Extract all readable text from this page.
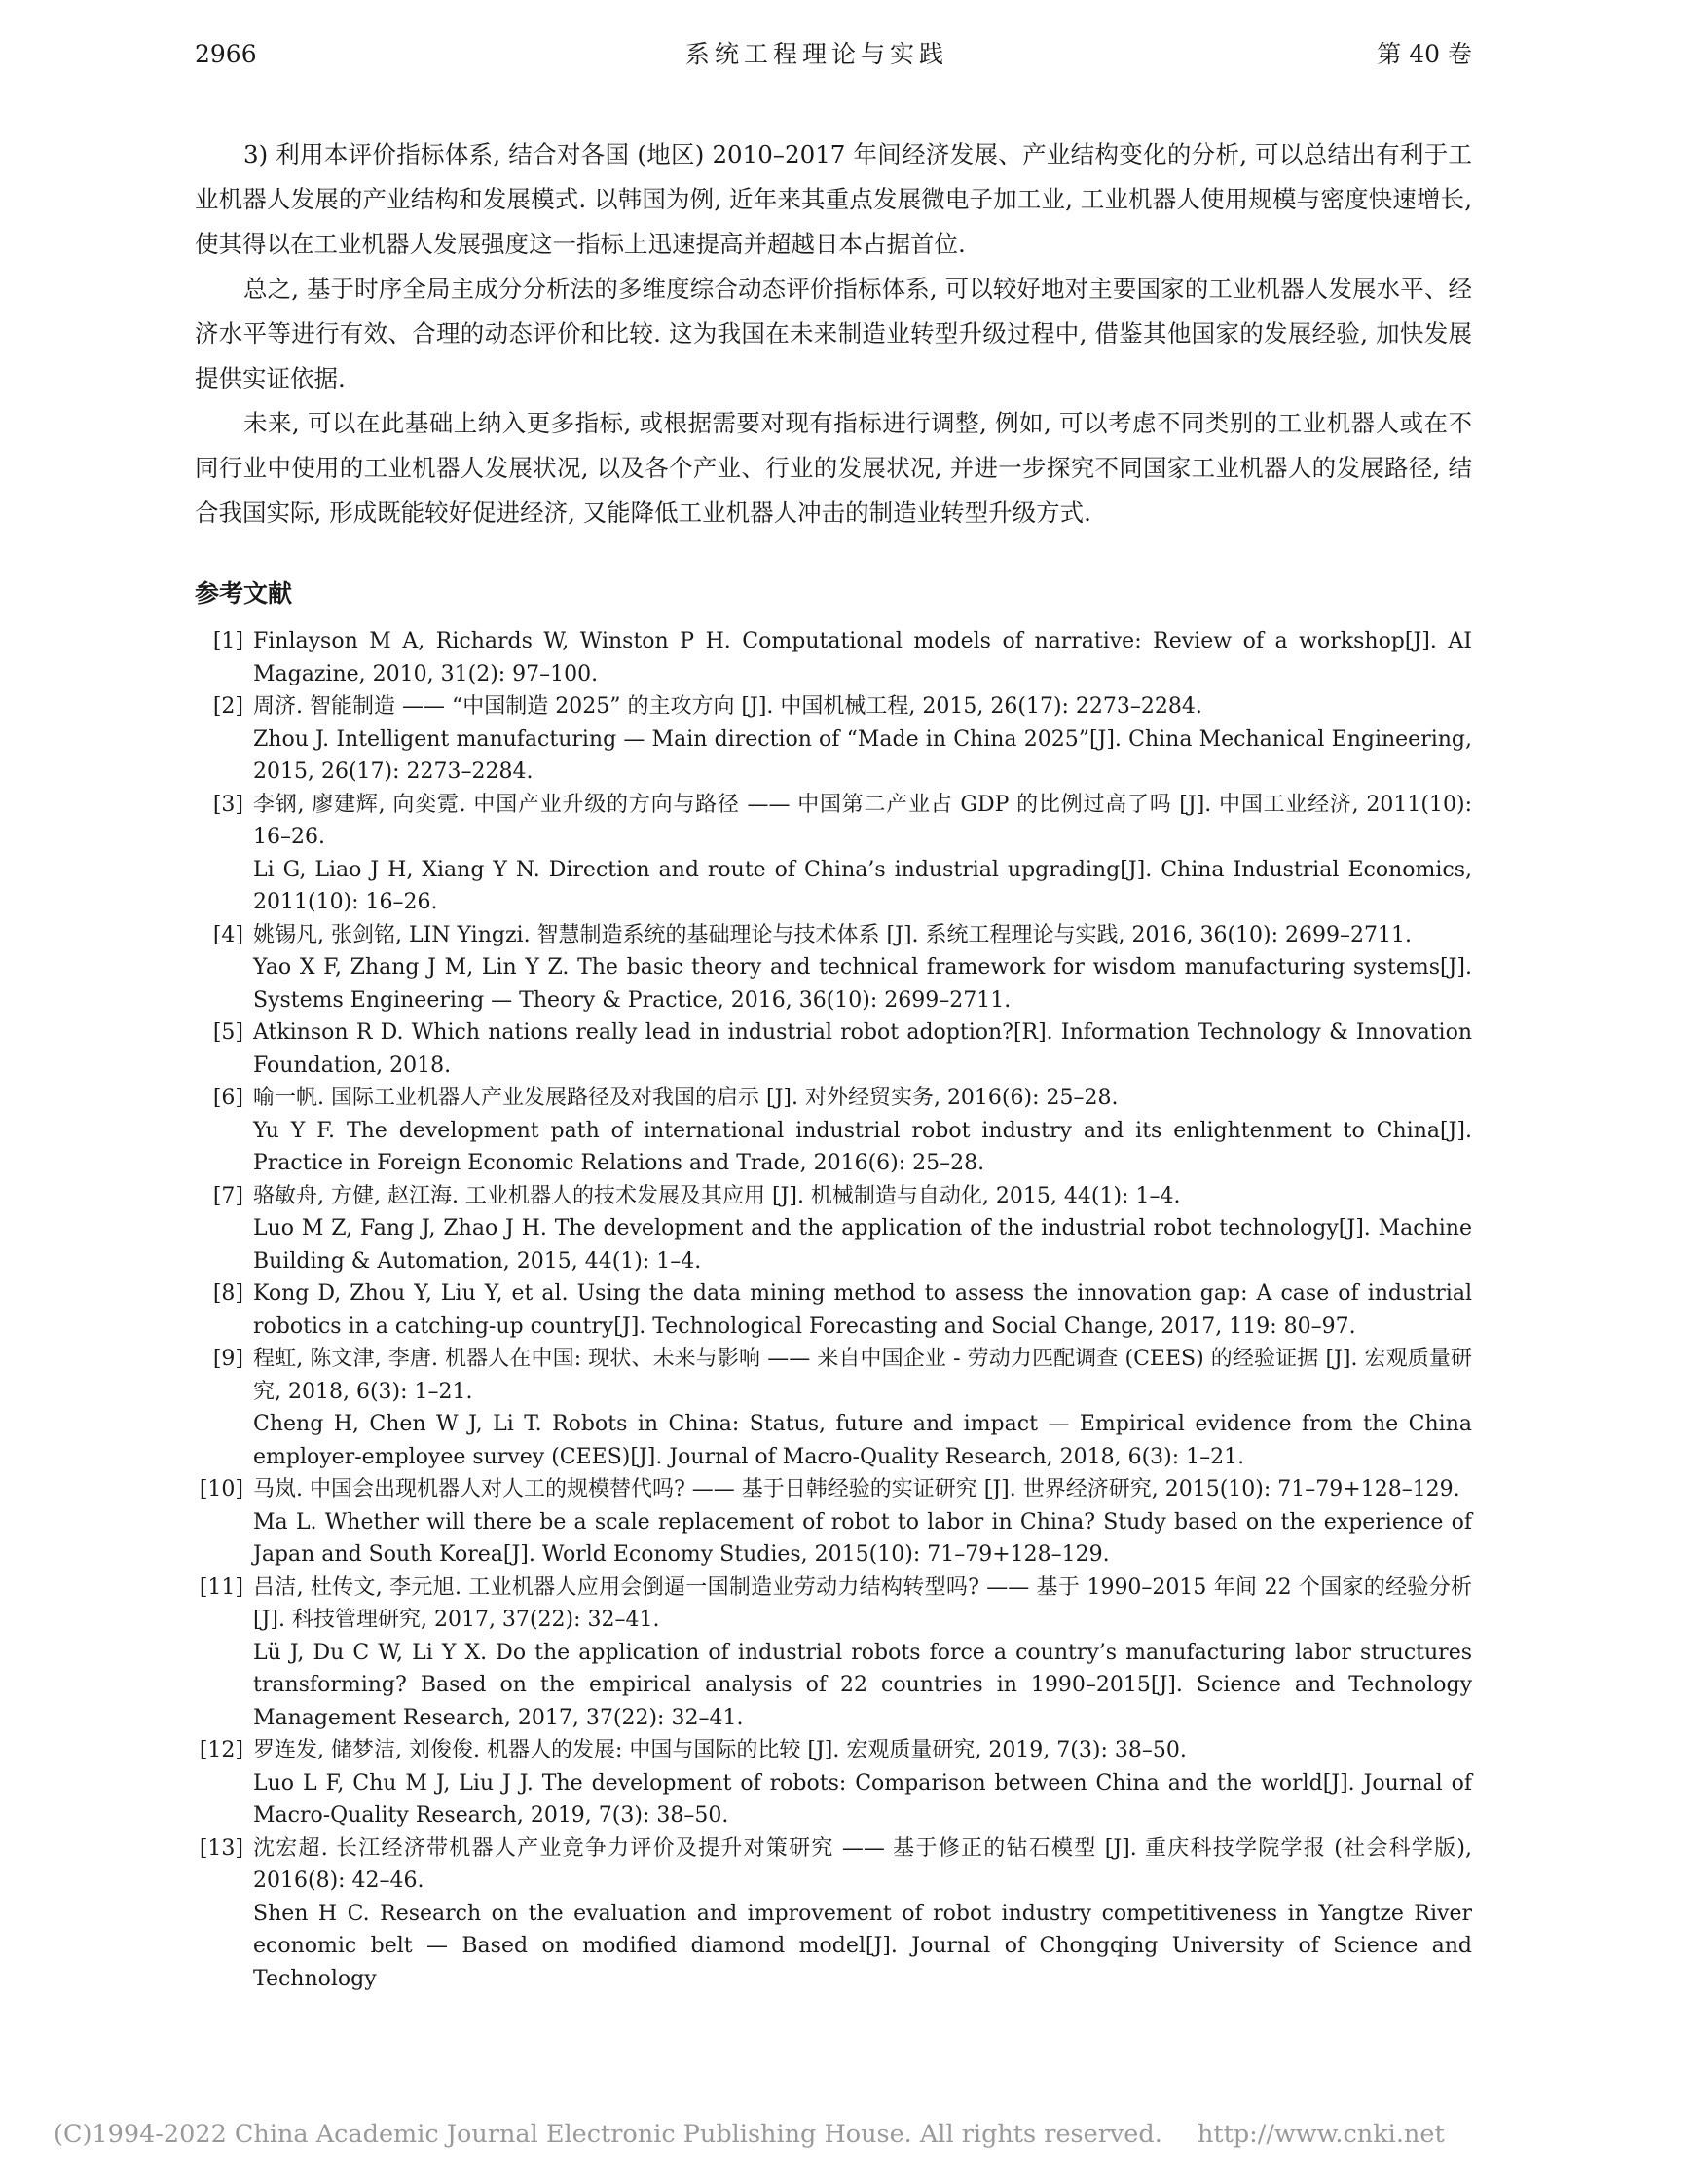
2966	系统工程理论与实践	第 40 卷

3) 利用本评价指标体系, 结合对各国 (地区) 2010–2017 年间经济发展、产业结构变化的分析, 可以总结出有利于工业机器人发展的产业结构和发展模式. 以韩国为例, 近年来其重点发展微电子加工业, 工业机器人使用规模与密度快速增长, 使其得以在工业机器人发展强度这一指标上迅速提高并超越日本占据首位.

总之, 基于时序全局主成分分析法的多维度综合动态评价指标体系, 可以较好地对主要国家的工业机器人发展水平、经济水平等进行有效、合理的动态评价和比较. 这为我国在未来制造业转型升级过程中, 借鉴其他国家的发展经验, 加快发展提供实证依据.

未来, 可以在此基础上纳入更多指标, 或根据需要对现有指标进行调整, 例如, 可以考虑不同类别的工业机器人或在不同行业中使用的工业机器人发展状况, 以及各个产业、行业的发展状况, 并进一步探究不同国家工业机器人的发展路径, 结合我国实际, 形成既能较好促进经济, 又能降低工业机器人冲击的制造业转型升级方式.

参考文献
[1] Finlayson M A, Richards W, Winston P H. Computational models of narrative: Review of a workshop[J]. AI Magazine, 2010, 31(2): 97–100.
[2] 周济. 智能制造 —— “中国制造 2025” 的主攻方向 [J]. 中国机械工程, 2015, 26(17): 2273–2284.
Zhou J. Intelligent manufacturing — Main direction of “Made in China 2025”[J]. China Mechanical Engineering, 2015, 26(17): 2273–2284.
[3] 李钢, 廖建辉, 向奕霓. 中国产业升级的方向与路径 —— 中国第二产业占 GDP 的比例过高了吗 [J]. 中国工业经济, 2011(10): 16–26.
Li G, Liao J H, Xiang Y N. Direction and route of China’s industrial upgrading[J]. China Industrial Economics, 2011(10): 16–26.
[4] 姚锡凡, 张剑铭, LIN Yingzi. 智慧制造系统的基础理论与技术体系 [J]. 系统工程理论与实践, 2016, 36(10): 2699–2711.
Yao X F, Zhang J M, Lin Y Z. The basic theory and technical framework for wisdom manufacturing systems[J]. Systems Engineering — Theory & Practice, 2016, 36(10): 2699–2711.
[5] Atkinson R D. Which nations really lead in industrial robot adoption?[R]. Information Technology & Innovation Foundation, 2018.
[6] 喻一帆. 国际工业机器人产业发展路径及对我国的启示 [J]. 对外经贸实务, 2016(6): 25–28.
Yu Y F. The development path of international industrial robot industry and its enlightenment to China[J]. Practice in Foreign Economic Relations and Trade, 2016(6): 25–28.
[7] 骆敏舟, 方健, 赵江海. 工业机器人的技术发展及其应用 [J]. 机械制造与自动化, 2015, 44(1): 1–4.
Luo M Z, Fang J, Zhao J H. The development and the application of the industrial robot technology[J]. Machine Building & Automation, 2015, 44(1): 1–4.
[8] Kong D, Zhou Y, Liu Y, et al. Using the data mining method to assess the innovation gap: A case of industrial robotics in a catching-up country[J]. Technological Forecasting and Social Change, 2017, 119: 80–97.
[9] 程虹, 陈文津, 李唐. 机器人在中国: 现状、未来与影响 —— 来自中国企业 - 劳动力匹配调查 (CEES) 的经验证据 [J]. 宏观质量研究, 2018, 6(3): 1–21.
Cheng H, Chen W J, Li T. Robots in China: Status, future and impact — Empirical evidence from the China employer-employee survey (CEES)[J]. Journal of Macro-Quality Research, 2018, 6(3): 1–21.
[10] 马岚. 中国会出现机器人对人工的规模替代吗? —— 基于日韩经验的实证研究 [J]. 世界经济研究, 2015(10): 71–79+128–129.
Ma L. Whether will there be a scale replacement of robot to labor in China? Study based on the experience of Japan and South Korea[J]. World Economy Studies, 2015(10): 71–79+128–129.
[11] 吕洁, 杜传文, 李元旭. 工业机器人应用会倒逼一国制造业劳动力结构转型吗? —— 基于 1990–2015 年间 22 个国家的经验分析 [J]. 科技管理研究, 2017, 37(22): 32–41.
Lü J, Du C W, Li Y X. Do the application of industrial robots force a country’s manufacturing labor structures transforming? Based on the empirical analysis of 22 countries in 1990–2015[J]. Science and Technology Management Research, 2017, 37(22): 32–41.
[12] 罗连发, 储梦洁, 刘俊俊. 机器人的发展: 中国与国际的比较 [J]. 宏观质量研究, 2019, 7(3): 38–50.
Luo L F, Chu M J, Liu J J. The development of robots: Comparison between China and the world[J]. Journal of Macro-Quality Research, 2019, 7(3): 38–50.
[13] 沈宏超. 长江经济带机器人产业竞争力评价及提升对策研究 —— 基于修正的钻石模型 [J]. 重庆科技学院学报 (社会科学版), 2016(8): 42–46.
Shen H C. Research on the evaluation and improvement of robot industry competitiveness in Yangtze River economic belt — Based on modified diamond model[J]. Journal of Chongqing University of Science and Technology
(C)1994-2022 China Academic Journal Electronic Publishing House. All rights reserved. http://www.cnki.net
